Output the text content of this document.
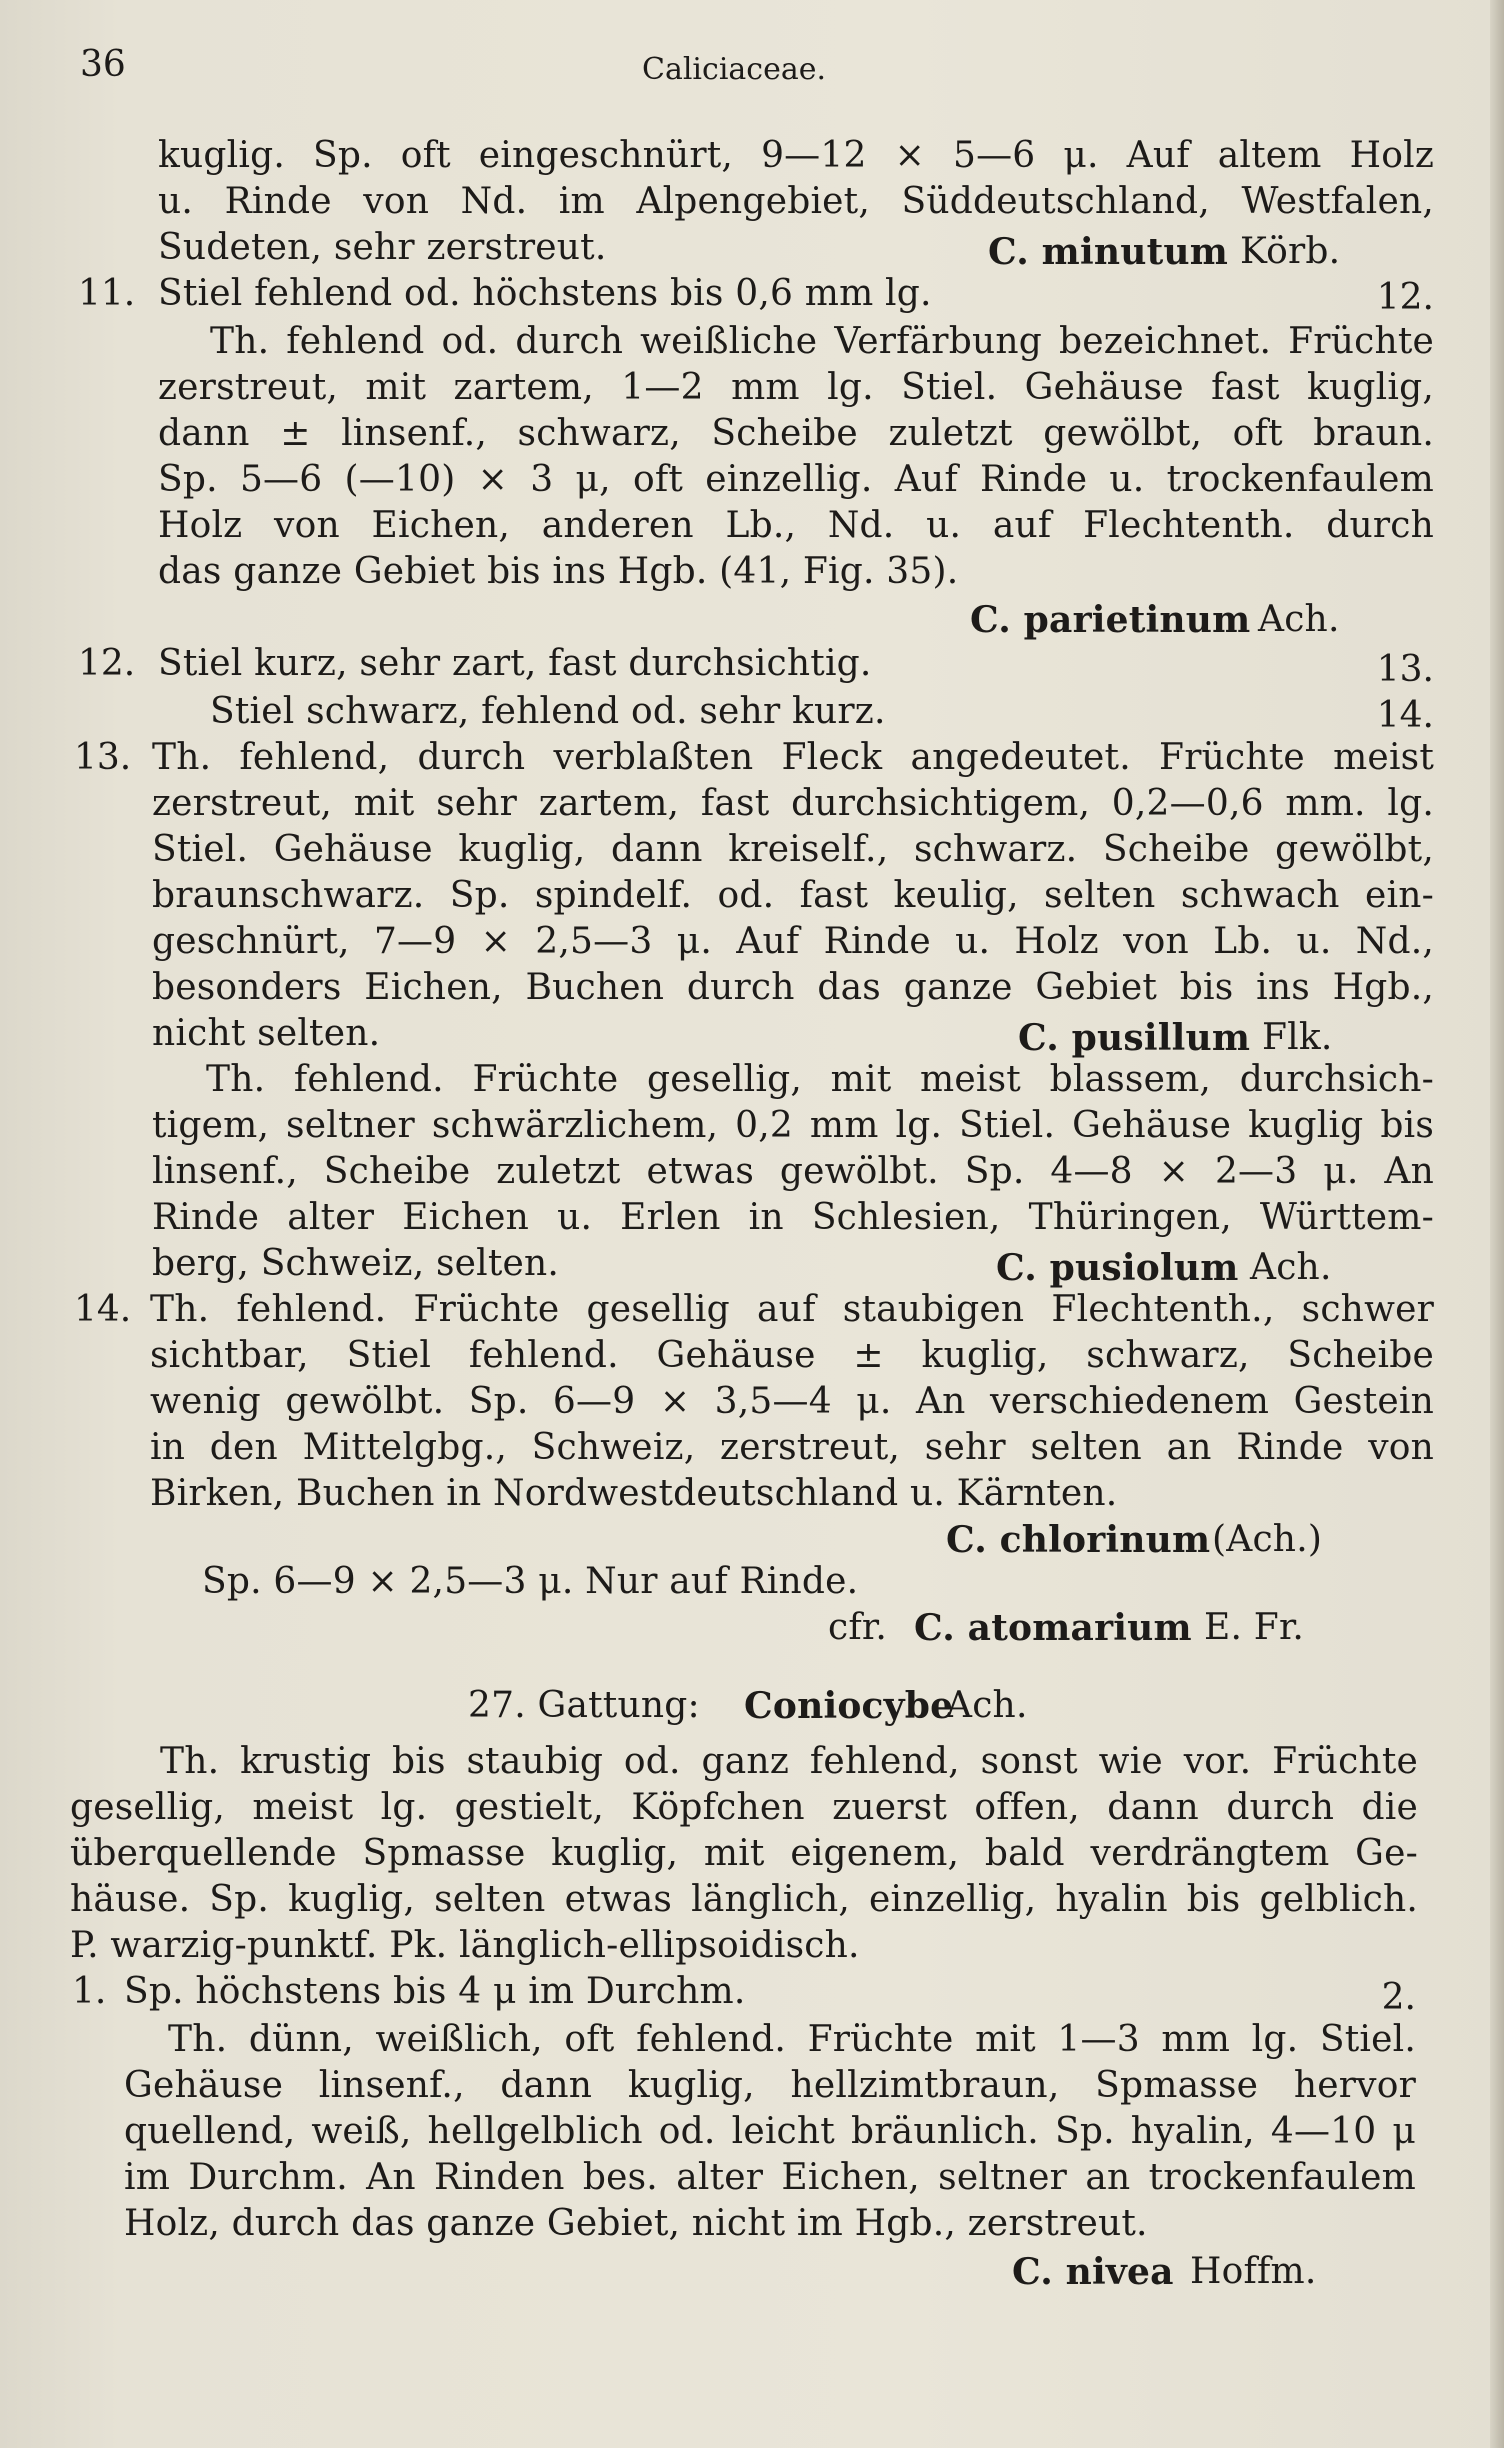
36	Caliciaceae.
kuglig. Sp. oft eingeschnürt, 9—12 × 5—6 μ. Auf altem Holz
u. Rinde von Nd. im Alpengebiet, Süddeutschland, Westfalen,
Sudeten, sehr zerstreut.	C. minutum Körb.
11. Stiel fehlend od. höchstens bis 0,6 mm lg.	12.
Th. fehlend od. durch weißliche Verfärbung bezeichnet. Früchte
zerstreut, mit zartem, 1—2 mm lg. Stiel. Gehäuse fast kuglig,
dann ± linsenf., schwarz, Scheibe zuletzt gewölbt, oft braun.
Sp. 5—6 (—10) × 3 μ, oft einzellig. Auf Rinde u. trockenfaulem
Holz von Eichen, anderen Lb., Nd. u. auf Flechtenth. durch
das ganze Gebiet bis ins Hgb. (41, Fig. 35).
C. parietinum Ach.
12. Stiel kurz, sehr zart, fast durchsichtig.	13.
Stiel schwarz, fehlend od. sehr kurz.	14.
13. Th. fehlend, durch verblaßten Fleck angedeutet. Früchte meist
zerstreut, mit sehr zartem, fast durchsichtigem, 0,2—0,6 mm. lg.
Stiel. Gehäuse kuglig, dann kreiself., schwarz. Scheibe gewölbt,
braunschwarz. Sp. spindelf. od. fast keulig, selten schwach ein-
geschnürt, 7—9 × 2,5—3 μ. Auf Rinde u. Holz von Lb. u. Nd.,
besonders Eichen, Buchen durch das ganze Gebiet bis ins Hgb.,
nicht selten.	C. pusillum Flk.
Th. fehlend. Früchte gesellig, mit meist blassem, durchsich-
tigem, seltner schwärzlichem, 0,2 mm lg. Stiel. Gehäuse kuglig bis
linsenf., Scheibe zuletzt etwas gewölbt. Sp. 4—8 × 2—3 μ. An
Rinde alter Eichen u. Erlen in Schlesien, Thüringen, Württem-
berg, Schweiz, selten.	C. pusiolum Ach.
14. Th. fehlend. Früchte gesellig auf staubigen Flechtenth., schwer
sichtbar, Stiel fehlend. Gehäuse ± kuglig, schwarz, Scheibe
wenig gewölbt. Sp. 6—9 × 3,5—4 μ. An verschiedenem Gestein
in den Mittelgbg., Schweiz, zerstreut, sehr selten an Rinde von
Birken, Buchen in Nordwestdeutschland u. Kärnten.
C. chlorinum (Ach.)
Sp. 6—9 × 2,5—3 μ. Nur auf Rinde.
cfr. C. atomarium E. Fr.
27. Gattung: Coniocybe
Ach.
Th. krustig bis staubig od. ganz fehlend, sonst wie vor. Früchte
gesellig, meist lg. gestielt, Köpfchen zuerst offen, dann durch die
überquellende Spmasse kuglig, mit eigenem, bald verdrängtem Ge-
häuse. Sp. kuglig, selten etwas länglich, einzellig, hyalin bis gelblich.
P. warzig-punktf. Pk. länglich-ellipsoidisch.
1. Sp. höchstens bis 4 μ im Durchm.	2.
Th. dünn, weißlich, oft fehlend. Früchte mit 1—3 mm lg. Stiel.
Gehäuse linsenf., dann kuglig, hellzimtbraun, Spmasse hervor
quellend, weiß, hellgelblich od. leicht bräunlich. Sp. hyalin, 4—10 μ
im Durchm. An Rinden bes. alter Eichen, seltner an trockenfaulem
Holz, durch das ganze Gebiet, nicht im Hgb., zerstreut.
C. nivea Hoffm.
